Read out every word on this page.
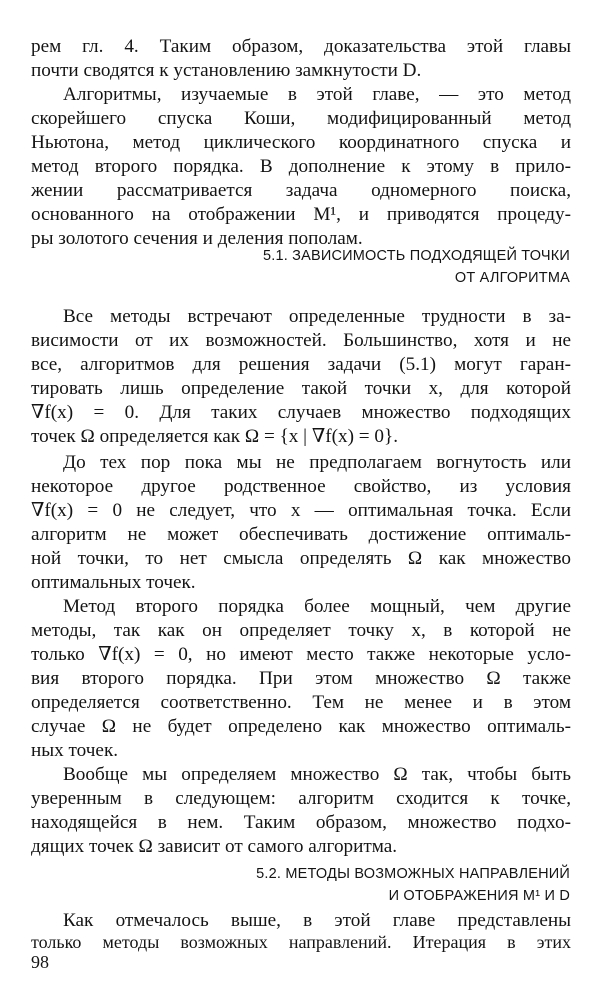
рем гл. 4. Таким образом, доказательства этой главы
почти сводятся к установлению замкнутости D.
Алгоритмы, изучаемые в этой главе, — это метод
скорейшего спуска Коши, модифицированный метод
Ньютона, метод циклического координатного спуска и
метод второго порядка. В дополнение к этому в прило-
жении рассматривается задача одномерного поиска,
основанного на отображении M¹, и приводятся процеду-
ры золотого сечения и деления пополам.
5.1. ЗАВИСИМОСТЬ ПОДХОДЯЩЕЙ ТОЧКИ
ОТ АЛГОРИТМА
Все методы встречают определенные трудности в за-
висимости от их возможностей. Большинство, хотя и не
все, алгоритмов для решения задачи (5.1) могут гаран-
тировать лишь определение такой точки x, для которой
∇f(x) = 0. Для таких случаев множество подходящих
точек Ω определяется как Ω = {x | ∇f(x) = 0}.
До тех пор пока мы не предполагаем вогнутость или
некоторое другое родственное свойство, из условия
∇f(x) = 0 не следует, что x — оптимальная точка. Если
алгоритм не может обеспечивать достижение оптималь-
ной точки, то нет смысла определять Ω как множество
оптимальных точек.
Метод второго порядка более мощный, чем другие
методы, так как он определяет точку x, в которой не
только ∇f(x) = 0, но имеют место также некоторые усло-
вия второго порядка. При этом множество Ω также
определяется соответственно. Тем не менее и в этом
случае Ω не будет определено как множество оптималь-
ных точек.
Вообще мы определяем множество Ω так, чтобы быть
уверенным в следующем: алгоритм сходится к точке,
находящейся в нем. Таким образом, множество подхо-
дящих точек Ω зависит от самого алгоритма.
5.2. МЕТОДЫ ВОЗМОЖНЫХ НАПРАВЛЕНИЙ
И ОТОБРАЖЕНИЯ M¹ И D
Как отмечалось выше, в этой главе представлены
только методы возможных направлений. Итерация в этих
98
